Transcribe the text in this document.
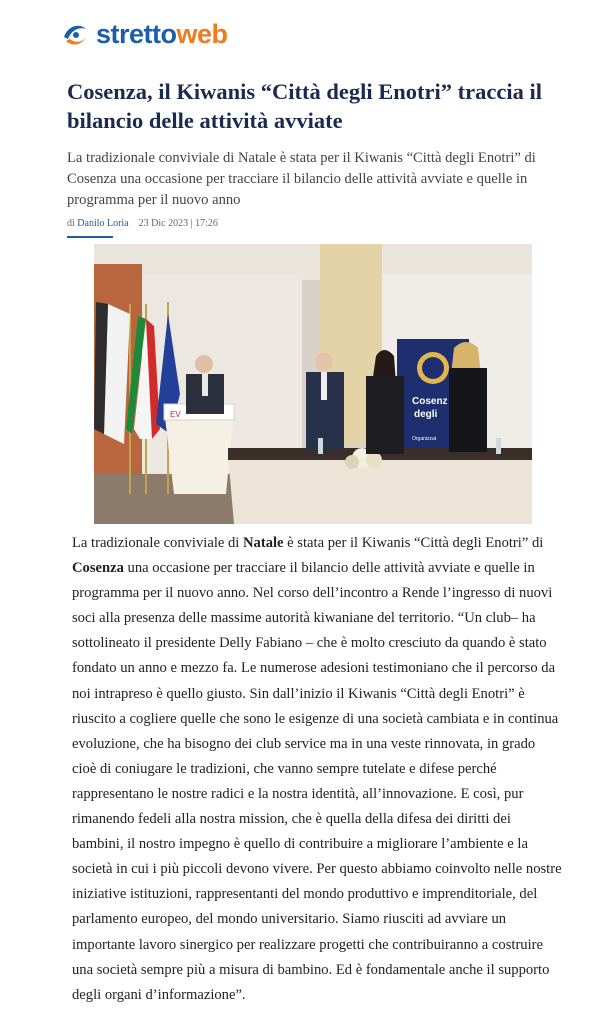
strettoweb
Cosenza, il Kiwanis “Città degli Enotri” traccia il bilancio delle attività avviate

La tradizionale conviviale di Natale è stata per il Kiwanis “Città degli Enotri” di Cosenza una occasione per tracciare il bilancio delle attività avviate e quelle in programma per il nuovo anno

di Danilo Loria 23 Dic 2023 | 17:26
EV
Cosenz
degli
Organizzat

La tradizionale conviviale di Natale è stata per il Kiwanis “Città degli Enotri” di Cosenza una occasione per tracciare il bilancio delle attività avviate e quelle in programma per il nuovo anno. Nel corso dell’incontro a Rende l’ingresso di nuovi soci alla presenza delle massime autorità kiwaniane del territorio. “Un club– ha sottolineato il presidente Delly Fabiano – che è molto cresciuto da quando è stato fondato un anno e mezzo fa. Le numerose adesioni testimoniano che il percorso da noi intrapreso è quello giusto. Sin dall’inizio il Kiwanis “Città degli Enotri” è riuscito a cogliere quelle che sono le esigenze di una società cambiata e in continua evoluzione, che ha bisogno dei club service ma in una veste rinnovata, in grado cioè di coniugare le tradizioni, che vanno sempre tutelate e difese perché rappresentano le nostre radici e la nostra identità, all’innovazione. E così, pur rimanendo fedeli alla nostra mission, che è quella della difesa dei diritti dei bambini, il nostro impegno è quello di contribuire a migliorare l’ambiente e la società in cui i più piccoli devono vivere. Per questo abbiamo coinvolto nelle nostre iniziative istituzioni, rappresentanti del mondo produttivo e imprenditoriale, del parlamento europeo, del mondo universitario. Siamo riusciti ad avviare un importante lavoro sinergico per realizzare progetti che contribuiranno a costruire una società sempre più a misura di bambino. Ed è fondamentale anche il supporto degli organi d’informazione”.
